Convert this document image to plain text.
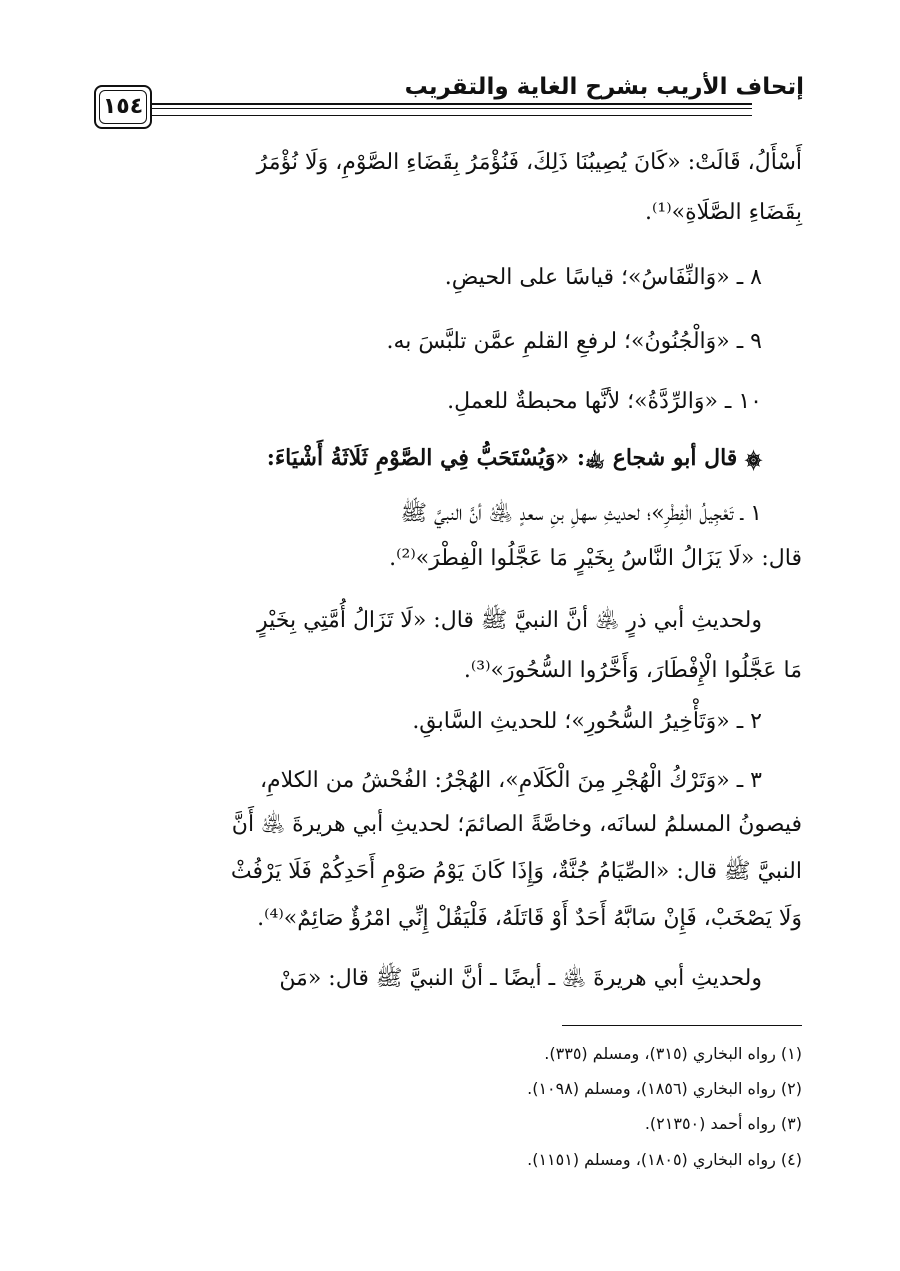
إتحاف الأريب بشرح الغاية والتقريب
١٥٤
أَسْأَلُ، قَالَتْ: «كَانَ يُصِيبُنَا ذَلِكَ، فَنُؤْمَرُ بِقَضَاءِ الصَّوْمِ، وَلَا نُؤْمَرُ
بِقَضَاءِ الصَّلَاةِ»⁽¹⁾.
٨ ـ «وَالنِّفَاسُ»؛ قياسًا على الحيضِ.
٩ ـ «وَالْجُنُونُ»؛ لرفعِ القلمِ عمَّن تلبَّسَ به.
١٠ ـ «وَالرِّدَّةُ»؛ لأنَّها محبطةٌ للعملِ.
۞ قال أبو شجاع ﵀: «وَيُسْتَحَبُّ فِي الصَّوْمِ ثَلَاثَةُ أَشْيَاءَ:
١ ـ تَعْجِيلُ الْفِطْرِ»؛ لحديثِ سهلِ بنِ سعدٍ ﵁ أنَّ النبيَّ ﷺ
قال: «لَا يَزَالُ النَّاسُ بِخَيْرٍ مَا عَجَّلُوا الْفِطْرَ»⁽²⁾.
ولحديثِ أبي ذرٍ ﵁ أنَّ النبيَّ ﷺ قال: «لَا تَزَالُ أُمَّتِي بِخَيْرٍ
مَا عَجَّلُوا الْإِفْطَارَ، وَأَخَّرُوا السُّحُورَ»⁽³⁾.
٢ ـ «وَتَأْخِيرُ السُّحُورِ»؛ للحديثِ السَّابقِ.
٣ ـ «وَتَرْكُ الْهُجْرِ مِنَ الْكَلَامِ»، الهُجْرُ: الفُحْشُ من الكلامِ،
فيصونُ المسلمُ لسانَه، وخاصَّةً الصائمَ؛ لحديثِ أبي هريرةَ ﵁ أَنَّ
النبيَّ ﷺ قال: «الصِّيَامُ جُنَّةٌ، وَإِذَا كَانَ يَوْمُ صَوْمِ أَحَدِكُمْ فَلَا يَرْفُثْ
وَلَا يَصْخَبْ، فَإِنْ سَابَّهُ أَحَدٌ أَوْ قَاتَلَهُ، فَلْيَقُلْ إِنِّي امْرُؤٌ صَائِمٌ»⁽⁴⁾.
ولحديثِ أبي هريرةَ ﵁ ـ أيضًا ـ أنَّ النبيَّ ﷺ قال: «مَنْ
(١) رواه البخاري (٣١٥)، ومسلم (٣٣٥).
(٢) رواه البخاري (١٨٥٦)، ومسلم (١٠٩٨).
(٣) رواه أحمد (٢١٣٥٠).
(٤) رواه البخاري (١٨٠٥)، ومسلم (١١٥١).
